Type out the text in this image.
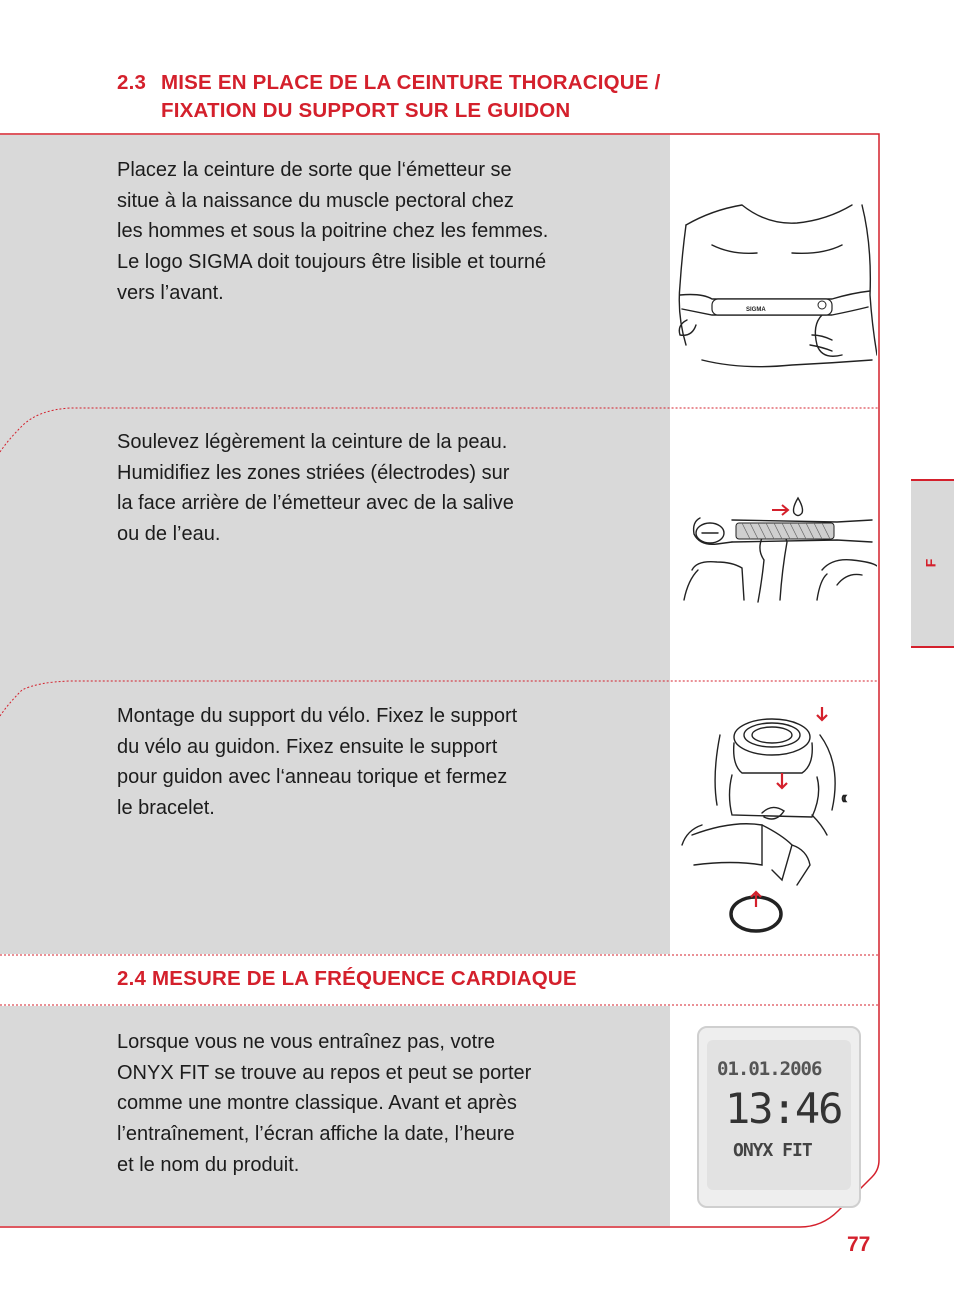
2.3 MISE EN PLACE DE LA CEINTURE THORACIQUE /
FIXATION DU SUPPORT SUR LE GUIDON

Placez la ceinture de sorte que l‘émetteur se

situe à la naissance du muscle pectoral chez

les hommes et sous la poitrine chez les femmes.

Le logo SIGMA doit toujours être lisible et tourné

vers l’avant.

SIGMA

Soulevez légèrement la ceinture de la peau.

Humidifiez les zones striées (électrodes) sur

la face arrière de l’émetteur avec de la salive

ou de l’eau.

Montage du support du vélo. Fixez le support

du vélo au guidon. Fixez ensuite le support

pour guidon avec l‘anneau torique et fermez

le bracelet.	((
2.4 MESURE DE LA FRÉQUENCE CARDIAQUE

Lorsque vous ne vous entraînez pas, votre

ONYX FIT se trouve au repos et peut se porter

comme une montre classique. Avant et après

l’entraînement, l’écran affiche la date, l’heure

et le nom du produit.

01.01.2006
13:46
ONYX FIT
F
77
